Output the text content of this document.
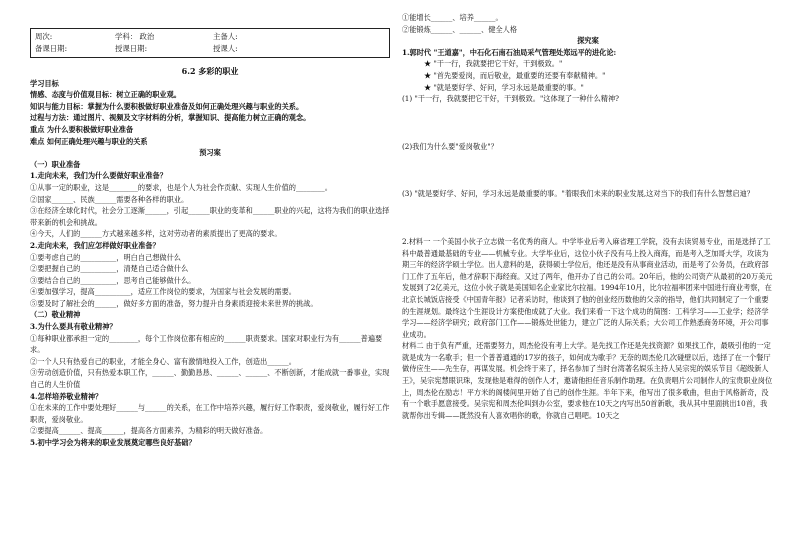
周次:	学科： 政治	主备人:
备课日期:	授课日期:	授课人:
6.2 多彩的职业

学习目标

情感、态度与价值观目标：树立正确的职业观。

知识与能力目标：掌握为什么要积极做好职业准备及如何正确处理兴趣与职业的关系。

过程与方法：通过图片、视频及文字材料的分析，掌握知识、提高能力树立正确的观念。

重点 为什么要积极做好职业准备

难点 如何正确处理兴趣与职业的关系

预习案

（一）职业准备

1.走向未来，我们为什么要做好职业准备？

①从事一定的职业，这是________的要求，也是个人为社会作贡献、实现人生价值的________。

②国家______、民族______需要各种各样的职业。

③在经济全球化时代，社会分工逐渐______，引起______职业的变革和______职业的兴起，这将为我们的职业选择带来新的机会和挑战。

④今天，人们的______方式越来越多样，这对劳动者的素质提出了更高的要求。

2.走向未来，我们应怎样做好职业准备？

①要考虑自己的__________，明白自己想做什么

②要把握自己的__________，清楚自己适合做什么

③要结合自己的__________，思考自己能够做什么。

④要加强学习，提高__________，适应工作岗位的要求，为国家与社会发展的需要。

⑤要及时了解社会的______，做好多方面的准备，努力提升自身素质迎接未来世界的挑战。

（二）敬业精神

3.为什么要具有敬业精神？

①每种职业都承担一定的________，每个工作岗位都有相应的______职责要求。国家对职业行为有______普遍要求。

②一个人只有热爱自己的职业，才能全身心、富有激情地投入工作，创造出______。

③劳动创造价值，只有热爱本职工作，______、勤勤恳恳、______、______、不断创新，才能成就一番事业，实现自己的人生价值

4.怎样培养敬业精神？

①在未来的工作中要处理好______与______的关系，在工作中培养兴趣，履行好工作职责，爱岗敬业，履行好工作职责，爱岗敬业。

②要提高______、提高______，提高各方面素养，为精彩的明天做好准备。

5.初中学习会为将来的职业发展奠定哪些良好基础？

①能增长______、培养______。

②能锻炼______、______、健全人格

探究案

1.郭时代 "王道嘉"，中石化石南石油局采气管理处郑远平的进化论:

★ "干一行，我就要把它干好，干到极致。"

★ "首先要爱岗，而后敬业，最重要的还要有奉献精神。"

★ "就是要好学、好问，学习永远是最重要的事。"

(1) "干一行，我就要把它干好，干到极致。"这体现了一种什么精神?

(2)我们为什么要"爱岗敬业"？

(3) "就是要好学、好问，学习永远是最重要的事。"着眼我们未来的职业发展,这对当下的我们有什么智慧启迪？

2.材料一 一个美国小伙子立志做一名优秀的商人。中学毕业后考入麻省理工学院，没有去读贸易专业，而是选择了工科中最普通最基础的专业——机械专业。大学毕业后，这位小伙子没有马上投入商海，而是考入芝加哥大学，攻读为期三年的经济学硕士学位。出人意料的是，获得硕士学位后，他还是没有从事商业活动，而是考了公务员，在政府部门工作了五年后，他才辞职下海经商。又过了两年，他开办了自己的公司。20年后，他的公司资产从最初的20万美元发展到了2亿美元，这位小伙子就是美国知名企业家比尔拉福。1994年10月，比尔拉福率团来中国进行商业考察，在北京长城饭店接受《中国青年报》记者采访时，他谈到了他的创业经历数他的父亲的指导，他们共同制定了一个重要的生涯规划。最终这个生涯设计方案使他成就了大业。我们来看一下这个成功的简图：工科学习——工业学；经济学学习——经济学研究；政府部门工作——锻炼处世能力，建立广泛的人际关系；大公司工作熟悉商务环境，开公司事业成功。

材料二 由于负有严重，还需要努力，周杰伦没有考上大学。是先找工作还是先找资源？如果找工作，最吸引他的一定就是成为一名歌手；但一个普普通通的17岁的孩子，如何成为歌手？无奈的周杰伦几次碰壁以后，选择了在一个餐厅做侍应生——先生存，再谋发展。机会终于来了，择名参加了当时台湾著名娱乐主持人吴宗宪的娱乐节目《超级新人王》，吴宗宪慧眼识珠，发现他是难得的创作人才，邀请他担任音乐制作助理。在负责唱片公司制作人的宝贵职业岗位上，周杰伦在励志！平方米的阁楼间里开始了自己的创作生涯。半年下来，他写出了很多歌曲，但由于风格新奇，没有一个歌手愿意接受。吴宗宪和周杰伦叫到办公室，要求他在10天之内写出50首新歌，我从其中里面挑出10首，我就帮你出专辑——既然没有人喜欢唱你的歌，你就自己唱吧。10天之
